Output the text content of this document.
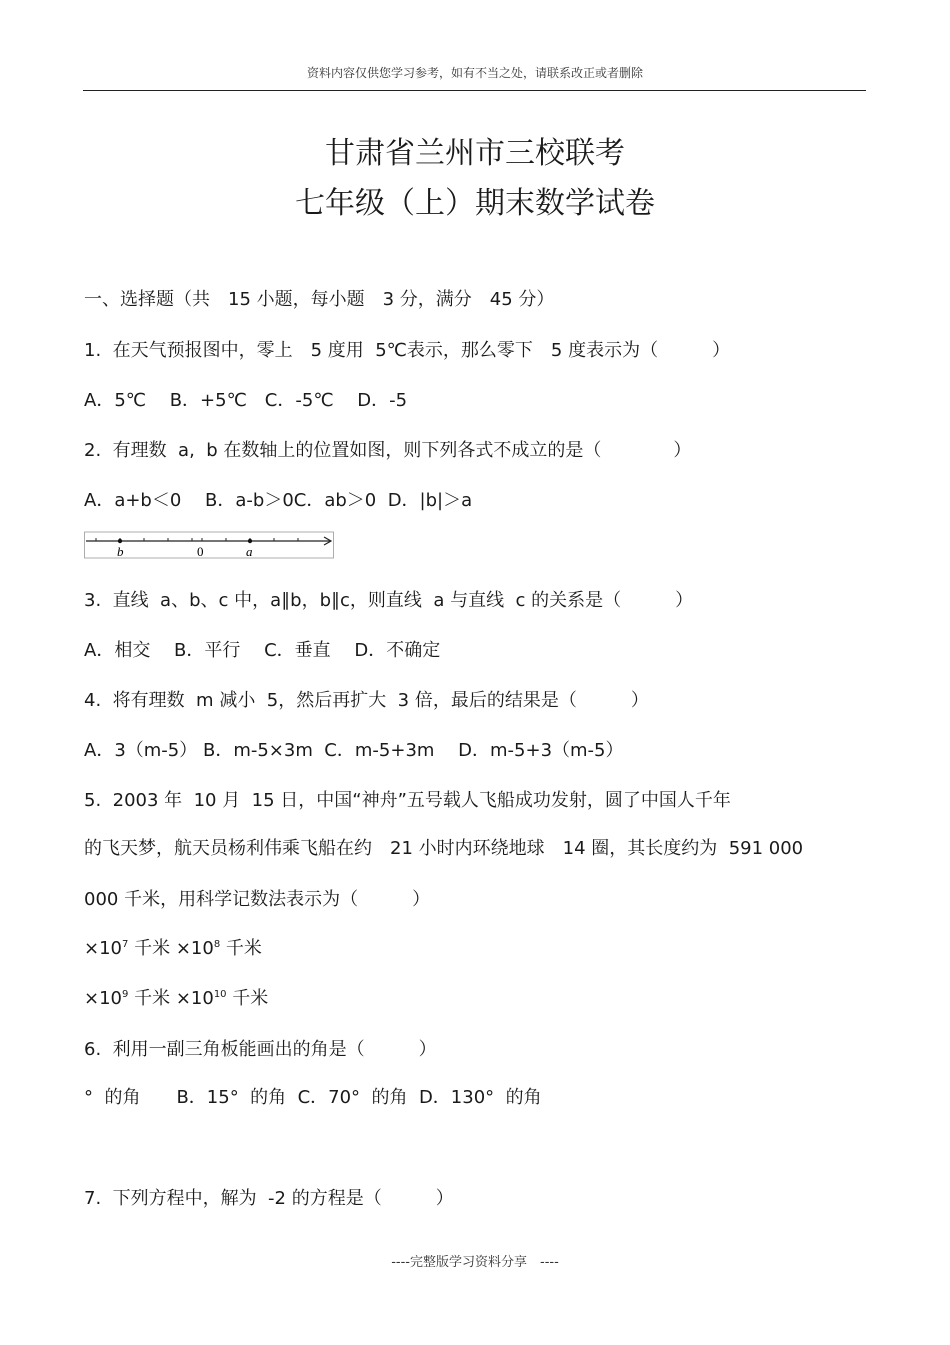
资料内容仅供您学习参考，如有不当之处，请联系改正或者删除
甘肃省兰州市三校联考
七年级（上）期末数学试卷
一、选择题（共　15 小题，每小题　3 分，满分　45 分）
1.  在天气预报图中，零上　5 度用  5℃表示，那么零下　5 度表示为（　　　）
A．5℃　 B．+5℃　C．-5℃　 D．-5
2.  有理数  a,  b 在数轴上的位置如图，则下列各式不成立的是（　　　　）
A．a+b＜0　 B．a-b＞0C．ab＞0  D．|b|＞a
b	0	a
3.  直线  a、b、c 中，a∥b，b∥c，则直线  a 与直线  c 的关系是（　　　）
A．相交　 B．平行　 C．垂直　 D．不确定
4.  将有理数  m 减小  5，然后再扩大  3 倍，最后的结果是（　　　）
A．3（m-5） B．m-5×3m  C．m-5+3m　 D．m-5+3（m-5）
5.  2003 年  10 月  15 日，中国“神舟”五号载人飞船成功发射，圆了中国人千年
的飞天梦，航天员杨利伟乘飞船在约　21 小时内环绕地球　14 圈，其长度约为  591 000
000 千米，用科学记数法表示为（　　　）
$\times 10^7$ 千米 $\times 10^8$ 千米
$\times 10^9$ 千米 $\times 10^{10}$ 千米
6.  利用一副三角板能画出的角是（　　　）
°  的角　　B．15°  的角  C．70°  的角  D．130°  的角
7.  下列方程中，解为  -2 的方程是（　　　）
----完整版学习资料分享　----
